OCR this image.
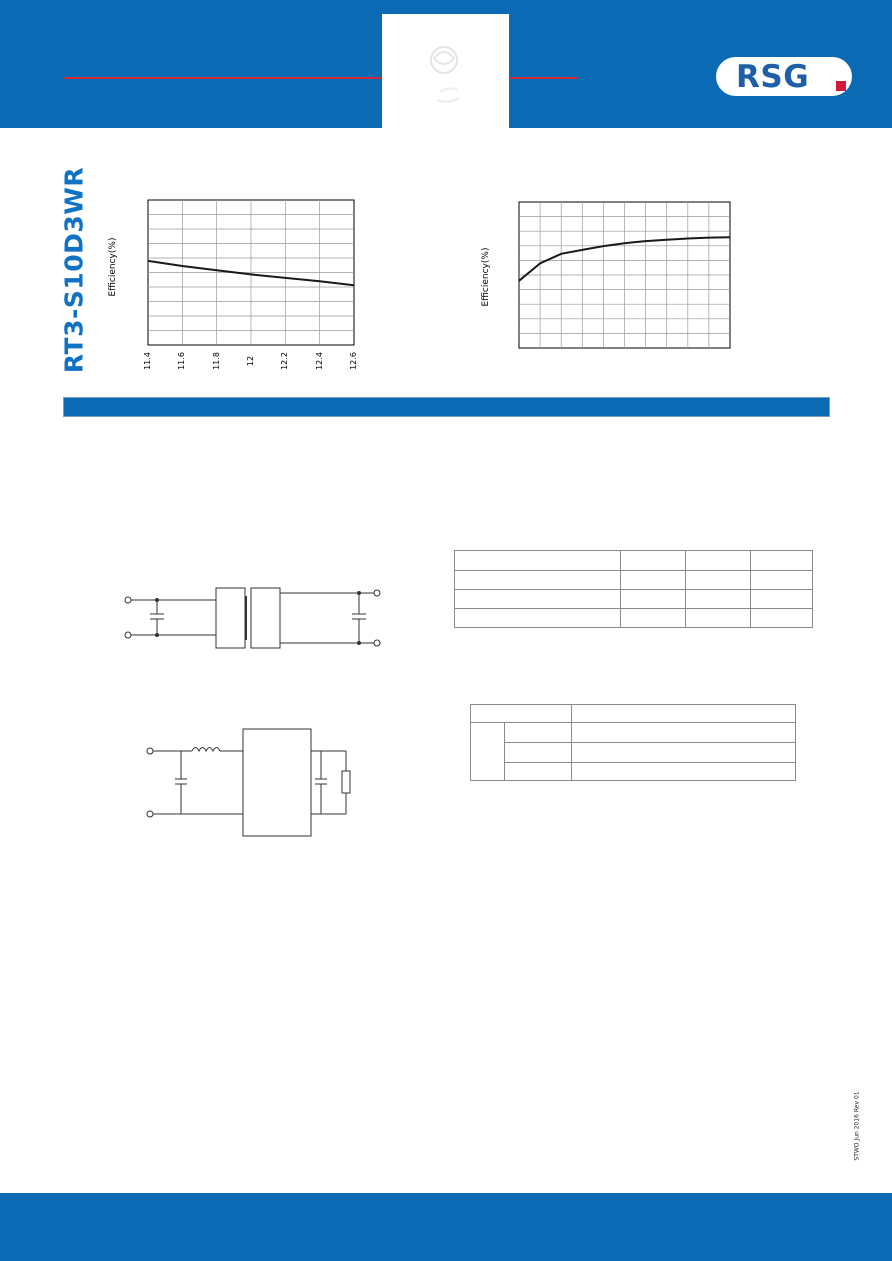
RSG
RT3-S10D3WR Efficiency(%)
11.4	11.6	11.8	12	12.2	12.4	12.6
Efficiency(%)

STWO Jun 2016 Rev 01
